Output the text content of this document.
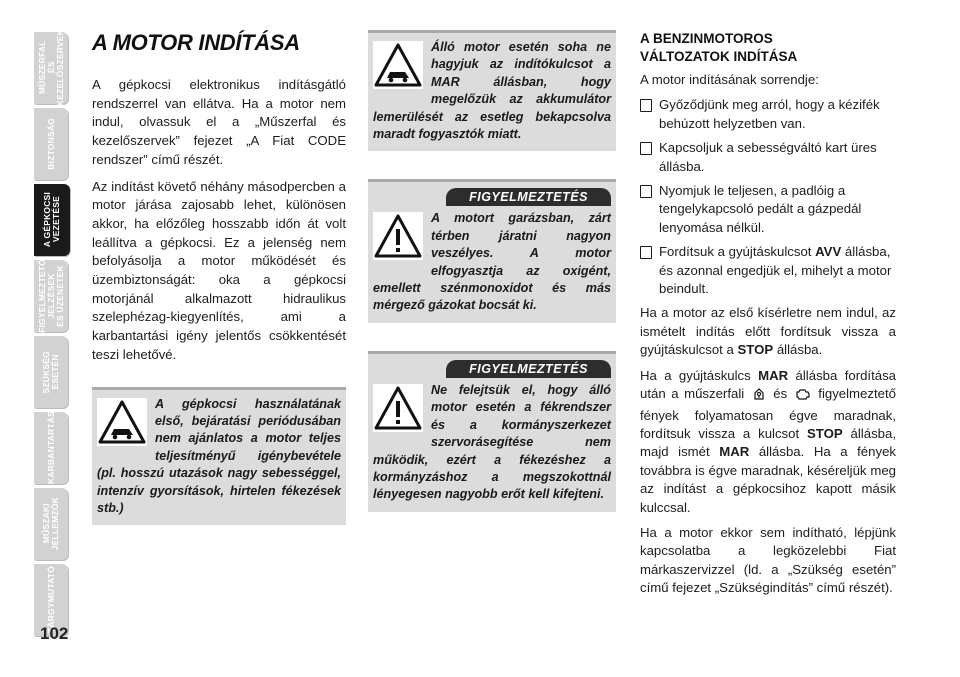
MŰSZERFAL
ÉS
KEZELŐSZERVEK
BIZTONSÁG
A GÉPKOCSI
VEZETÉSE
FIGYELMEZTETŐ
JELZÉSEK
ÉS ÜZENETEK
SZÜKSÉG
ESETÉN
KARBANTARTÁS
MŰSZAKI
JELLEMZŐK
TÁRGYMUTATÓ
102
A MOTOR INDÍTÁSA

A gépkocsi elektronikus indításgátló rendszerrel van ellátva. Ha a motor nem indul, olvassuk el a „Műszerfal és kezelőszervek” fejezet „A Fiat CODE rendszer” című részét.

Az indítást követő néhány másodpercben a motor járása zajosabb lehet, különösen akkor, ha előzőleg hosszabb időn át volt leállítva a gépkocsi. Ez a jelenség nem befolyásolja a motor működését és üzembiztonságát: oka a gépkocsi motorjánál alkalmazott hidraulikus szelephézag-kiegyenlítés, ami a karbantartási igény jelentős csökkentését teszi lehetővé.

A gépkocsi használatának első, bejáratási periódusában nem ajánlatos a motor teljes teljesítményű igénybevétele (pl. hosszú utazások nagy sebességgel, intenzív gyorsítások, hirtelen fékezések stb.)
Álló motor esetén soha ne hagyjuk az indítókulcsot a MAR állásban, hogy megelőzük az akkumulátor lemerülését az esetleg bekapcsolva maradt fogyasztók miatt.
FIGYELMEZTETÉS
A motort garázsban, zárt térben járatni nagyon veszélyes. A motor elfogyasztja az oxigént, emellett szénmonoxidot és más mérgező gázokat bocsát ki.
FIGYELMEZTETÉS
Ne felejtsük el, hogy álló motor esetén a fékrendszer és a kormányszerkezet szervorásegítése nem működik, ezért a fékezéshez a kormányzáshoz a megszokottnál lényegesen nagyobb erőt kell kifejteni.
A BENZINMOTOROS
VÁLTOZATOK INDÍTÁSA

A motor indításának sorrendje:

Győződjünk meg arról, hogy a kézifék behúzott helyzetben van.
Kapcsoljuk a sebességváltó kart üres állásba.
Nyomjuk le teljesen, a padlóig a tengelykapcsoló pedált a gázpedál lenyomása nélkül.
Fordítsuk a gyújtáskulcsot AVV állásba, és azonnal engedjük el, mihelyt a motor beindult.

Ha a motor az első kísérletre nem indul, az ismételt indítás előtt fordítsuk vissza a gyújtáskulcsot a STOP állásba.

Ha a gyújtáskulcs MAR állásba fordítása után a műszerfali  és  figyelmeztető fények folyamatosan égve maradnak, fordítsuk vissza a kulcsot STOP állásba, majd ismét MAR állásba. Ha a fények továbbra is égve maradnak, késéreljük meg az indítást a gépkocsihoz kapott másik kulccsal.

Ha a motor ekkor sem indítható, lépjünk kapcsolatba a legközelebbi Fiat márkaszervizzel (ld. a „Szükség esetén” című fejezet „Szükségindítás” című részét).
